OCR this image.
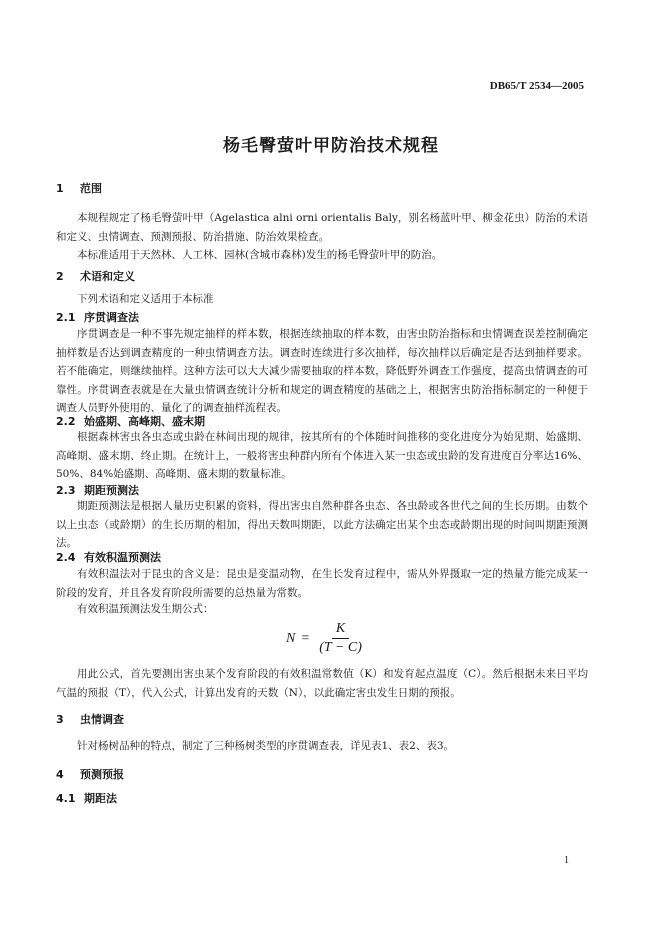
DB65/T 2534—2005
杨毛臀萤叶甲防治技术规程
1 范围

本规程规定了杨毛臀萤叶甲（Agelastica alni orni orientalis Baly，别名杨蓝叶甲、柳金花虫）防治的术语和定义、虫情调查、预测预报、防治措施、防治效果检查。

本标准适用于天然林、人工林、园林(含城市森林)发生的杨毛臀萤叶甲的防治。

2 术语和定义

下列术语和定义适用于本标准

2.1 序贯调查法

序贯调查是一种不事先规定抽样的样本数，根据连续抽取的样本数，由害虫防治指标和虫情调查误差控制确定抽样数是否达到调查精度的一种虫情调查方法。调查时连续进行多次抽样，每次抽样以后确定是否达到抽样要求。若不能确定，则继续抽样。这种方法可以大大减少需要抽取的样本数，降低野外调查工作强度，提高虫情调查的可靠性。序贯调查表就是在大量虫情调查统计分析和规定的调查精度的基础之上，根据害虫防治指标制定的一种便于调查人员野外使用的、量化了的调查抽样流程表。

2.2 始盛期、高峰期、盛末期

根据森林害虫各虫态或虫龄在林间出现的规律，按其所有的个体随时间推移的变化进度分为始见期、始盛期、高峰期、盛末期、终止期。在统计上，一般将害虫种群内所有个体进入某一虫态或虫龄的发育进度百分率达16%、50%、84%始盛期、高峰期、盛末期的数量标准。

2.3 期距预测法

期距预测法是根据人量历史积累的资料，得出害虫自然种群各虫态、各虫龄或各世代之间的生长历期。由数个以上虫态（或龄期）的生长历期的相加，得出天数叫期距，以此方法确定出某个虫态或龄期出现的时间叫期距预测法。

2.4 有效积温预测法

有效积温法对于昆虫的含义是：昆虫是变温动物，在生长发育过程中，需从外界摄取一定的热量方能完成某一阶段的发育，并且各发育阶段所需要的总热量为常数。

有效积温预测法发生期公式：

$N = \frac{K}{(T - C)}$

用此公式，首先要测出害虫某个发育阶段的有效积温常数值（K）和发育起点温度（C）。然后根据未来日平均气温的预报（T），代入公式，计算出发育的天数（N），以此确定害虫发生日期的预报。

3 虫情调查

针对杨树品种的特点，制定了三种杨树类型的序贯调查表，详见表1、表2、表3。

4 预测预报
4.1 期距法
1
